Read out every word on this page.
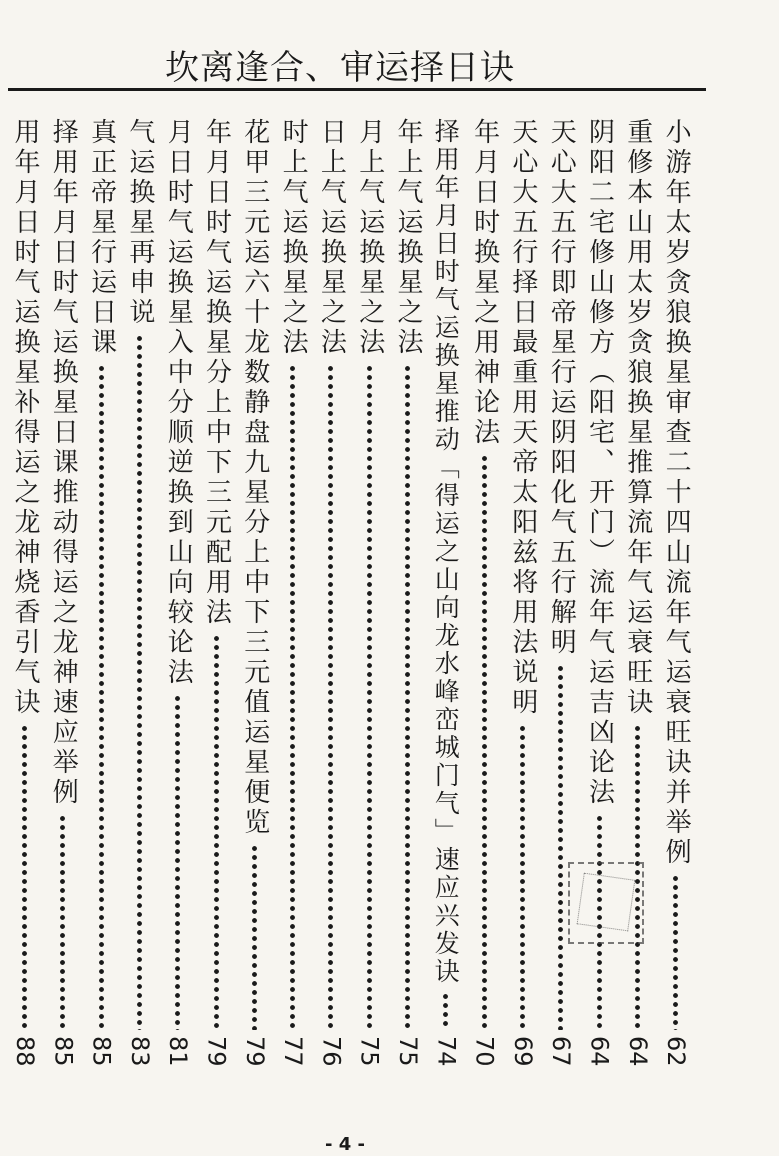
坎离逢合、审运择日诀
用年月日时气运换星补得运之龙神烧香引气诀
88
择用年月日时气运换星日课推动得运之龙神速应举例
85
真正帝星行运日课
85
气运换星再申说
83
月日时气运换星入中分顺逆换到山向较论法
81
年月日时气运换星分上中下三元配用法
79
花甲三元运六十龙数静盘九星分上中下三元值运星便览
79
时上气运换星之法
77
日上气运换星之法
76
月上气运换星之法
75
年上气运换星之法
75
择用年月日时气运换星推动「得运之山向龙水峰峦城门气」速应兴发诀
74
年月日时换星之用神论法
70
天心大五行择日最重用天帝太阳兹将用法说明
69
天心大五行即帝星行运阴阳化气五行解明
67
阴阳二宅修山修方（阳宅、开门）流年气运吉凶论法
64
重修本山用太岁贪狼换星推算流年气运衰旺诀
64
小游年太岁贪狼换星审查二十四山流年气运衰旺诀并举例
62
- 4 -
